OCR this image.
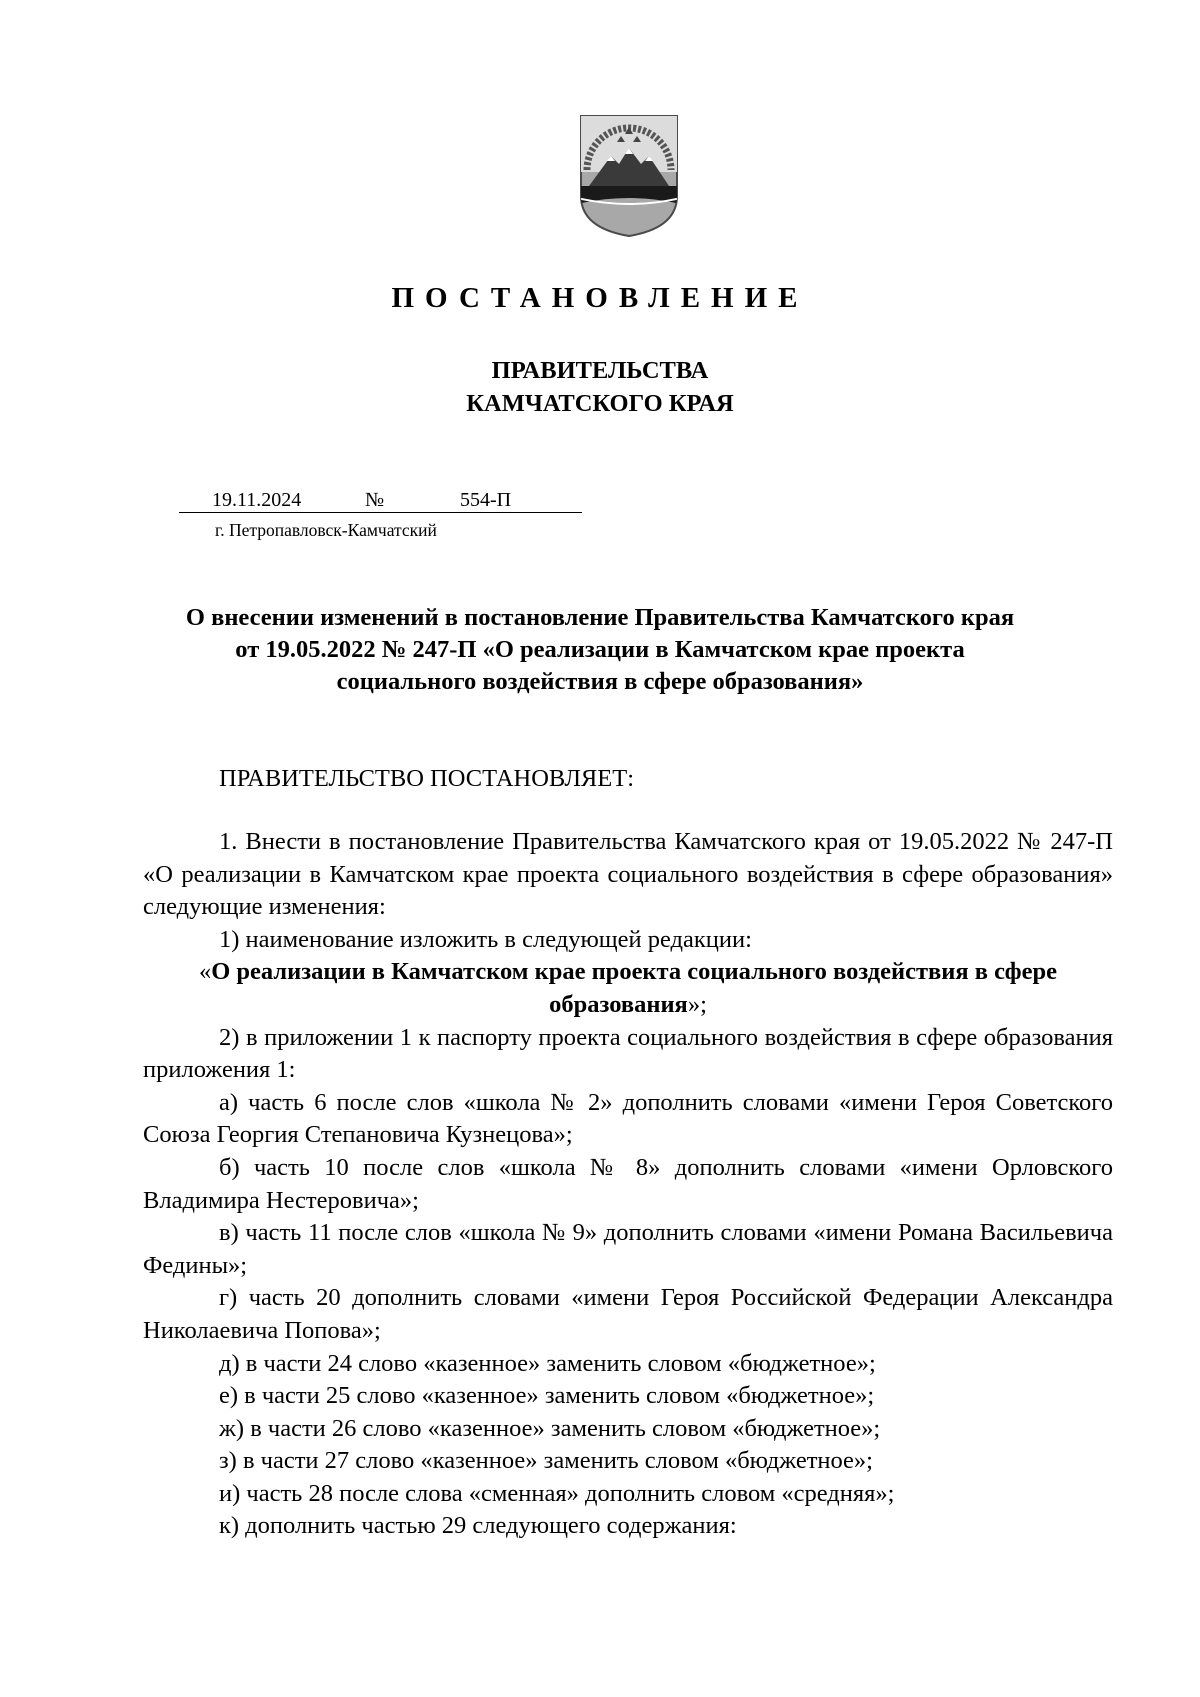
ПОСТАНОВЛЕНИЕ
ПРАВИТЕЛЬСТВА
КАМЧАТСКОГО КРАЯ
19.11.2024	№	554-П
г. Петропавловск-Камчатский
О внесении изменений в постановление Правительства Камчатского края
от 19.05.2022 № 247-П «О реализации в Камчатском крае проекта
социального воздействия в сфере образования»
ПРАВИТЕЛЬСТВО ПОСТАНОВЛЯЕТ:

1. Внести в постановление Правительства Камчатского края от 19.05.2022 № 247-П «О реализации в Камчатском крае проекта социального воздействия в сфере образования» следующие изменения:

1) наименование изложить в следующей редакции:

«О реализации в Камчатском крае проекта социального воздействия в сфере образования»;

2) в приложении 1 к паспорту проекта социального воздействия в сфере образования приложения 1:

а) часть 6 после слов «школа № 2» дополнить словами «имени Героя Советского Союза Георгия Степановича Кузнецова»;

б) часть 10 после слов «школа № 8» дополнить словами «имени Орловского Владимира Нестеровича»;

в) часть 11 после слов «школа № 9» дополнить словами «имени Романа Васильевича Федины»;

г) часть 20 дополнить словами «имени Героя Российской Федерации Александра Николаевича Попова»;

д) в части 24 слово «казенное» заменить словом «бюджетное»;

е) в части 25 слово «казенное» заменить словом «бюджетное»;

ж) в части 26 слово «казенное» заменить словом «бюджетное»;

з) в части 27 слово «казенное» заменить словом «бюджетное»;

и) часть 28 после слова «сменная» дополнить словом «средняя»;

к) дополнить частью 29 следующего содержания:
